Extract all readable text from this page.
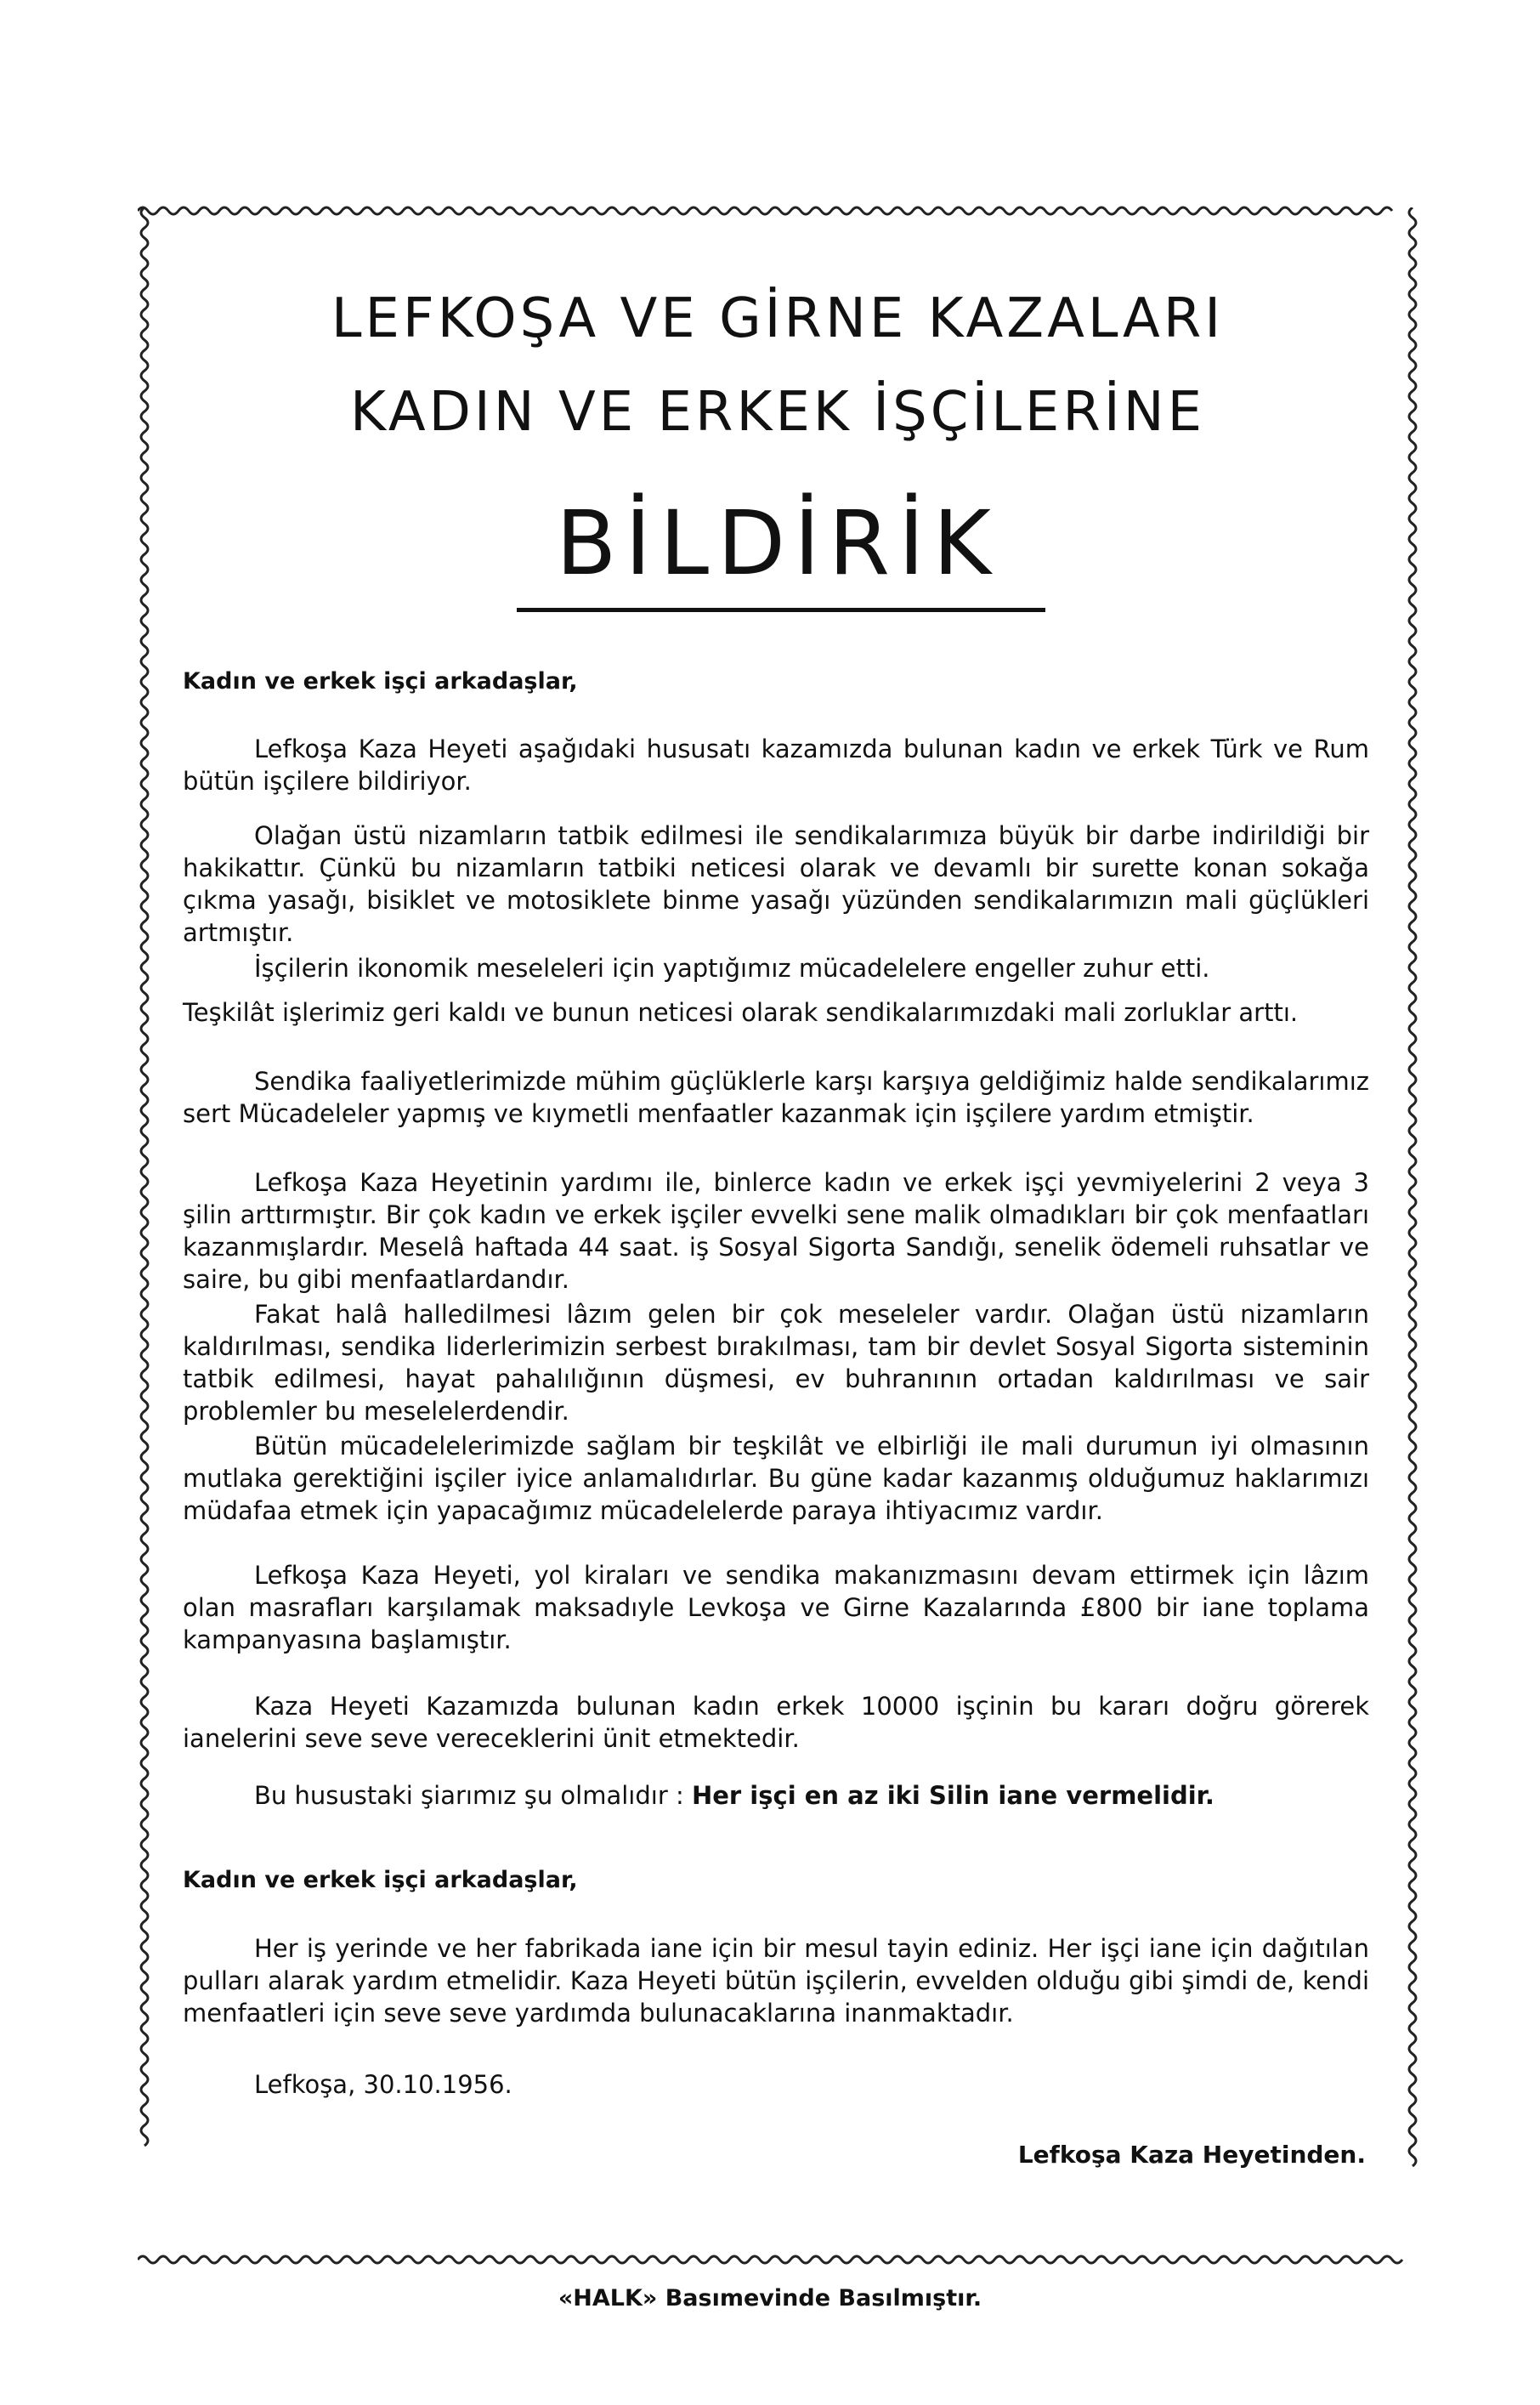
LEFKOŞA VE GİRNE KAZALARI
KADIN VE ERKEK İŞÇİLERİNE
BİLDİRİK

Kadın ve erkek işçi arkadaşlar,

Lefkoşa Kaza Heyeti aşağıdaki hususatı kazamızda bulunan kadın ve erkek Türk ve Rum bütün işçilere bildiriyor.

Olağan üstü nizamların tatbik edilmesi ile sendikalarımıza büyük bir darbe indirildiği bir hakikattır. Çünkü bu nizamların tatbiki neticesi olarak ve devamlı bir surette konan sokağa çıkma yasağı, bisiklet ve motosiklete binme yasağı yüzünden sendikalarımızın mali güçlükleri artmıştır.

İşçilerin ikonomik meseleleri için yaptığımız mücadelelere engeller zuhur etti.

Teşkilât işlerimiz geri kaldı ve bunun neticesi olarak sendikalarımızdaki mali zorluklar arttı.

Sendika faaliyetlerimizde mühim güçlüklerle karşı karşıya geldiğimiz halde sendikalarımız sert Mücadeleler yapmış ve kıymetli menfaatler kazanmak için işçilere yardım etmiştir.

Lefkoşa Kaza Heyetinin yardımı ile, binlerce kadın ve erkek işçi yevmiyelerini 2 veya 3 şilin arttırmıştır. Bir çok kadın ve erkek işçiler evvelki sene malik olmadıkları bir çok menfaatları kazanmışlardır. Meselâ haftada 44 saat. iş Sosyal Sigorta Sandığı, senelik ödemeli ruhsatlar ve saire, bu gibi menfaatlardandır.

Fakat halâ halledilmesi lâzım gelen bir çok meseleler vardır. Olağan üstü nizamların kaldırılması, sendika liderlerimizin serbest bırakılması, tam bir devlet Sosyal Sigorta sisteminin tatbik edilmesi, hayat pahalılığının düşmesi, ev buhranının ortadan kaldırılması ve sair problemler bu meselelerdendir.

Bütün mücadelelerimizde sağlam bir teşkilât ve elbirliği ile mali durumun iyi olmasının mutlaka gerektiğini işçiler iyice anlamalıdırlar. Bu güne kadar kazanmış olduğumuz haklarımızı müdafaa etmek için yapacağımız mücadelelerde paraya ihtiyacımız vardır.

Lefkoşa Kaza Heyeti, yol kiraları ve sendika makanızmasını devam ettirmek için lâzım olan masrafları karşılamak maksadıyle Levkoşa ve Girne Kazalarında £800 bir iane toplama kampanyasına başlamıştır.

Kaza Heyeti Kazamızda bulunan kadın erkek 10000 işçinin bu kararı doğru görerek ianelerini seve seve vereceklerini ünit etmektedir.

Bu husustaki şiarımız şu olmalıdır : Her işçi en az iki Silin iane vermelidir.

Kadın ve erkek işçi arkadaşlar,

Her iş yerinde ve her fabrikada iane için bir mesul tayin ediniz. Her işçi iane için dağıtılan pulları alarak yardım etmelidir. Kaza Heyeti bütün işçilerin, evvelden olduğu gibi şimdi de, kendi menfaatleri için seve seve yardımda bulunacaklarına inanmaktadır.

Lefkoşa, 30.10.1956.

Lefkoşa Kaza Heyetinden.

«HALK» Basımevinde Basılmıştır.
